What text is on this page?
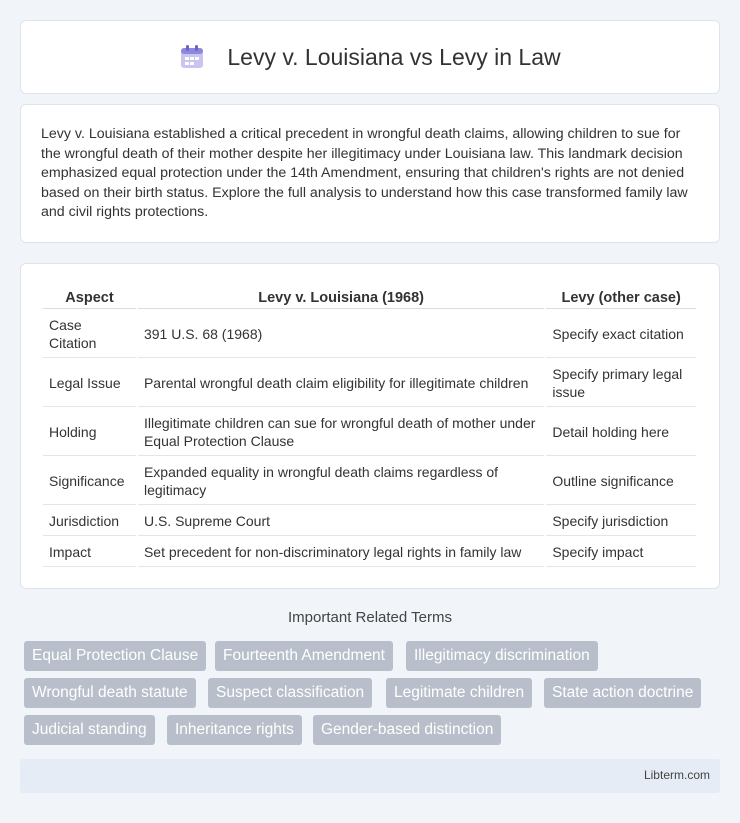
Levy v. Louisiana vs Levy in Law

Levy v. Louisiana established a critical precedent in wrongful death claims, allowing children to sue for the wrongful death of their mother despite her illegitimacy under Louisiana law. This landmark decision emphasized equal protection under the 14th Amendment, ensuring that children's rights are not denied based on their birth status. Explore the full analysis to understand how this case transformed family law and civil rights protections.

Aspect	Levy v. Louisiana (1968)	Levy (other case)
Case Citation	391 U.S. 68 (1968)	Specify exact citation
Legal Issue	Parental wrongful death claim eligibility for illegitimate children	Specify primary legal issue
Holding	Illegitimate children can sue for wrongful death of mother under Equal Protection Clause	Detail holding here
Significance	Expanded equality in wrongful death claims regardless of legitimacy	Outline significance
Jurisdiction	U.S. Supreme Court	Specify jurisdiction
Impact	Set precedent for non-discriminatory legal rights in family law	Specify impact
Important Related Terms
Equal Protection Clause	Fourteenth Amendment	Illegitimacy discrimination
Wrongful death statute	Suspect classification	Legitimate children	State action doctrine
Judicial standing	Inheritance rights	Gender-based distinction
Libterm.com
